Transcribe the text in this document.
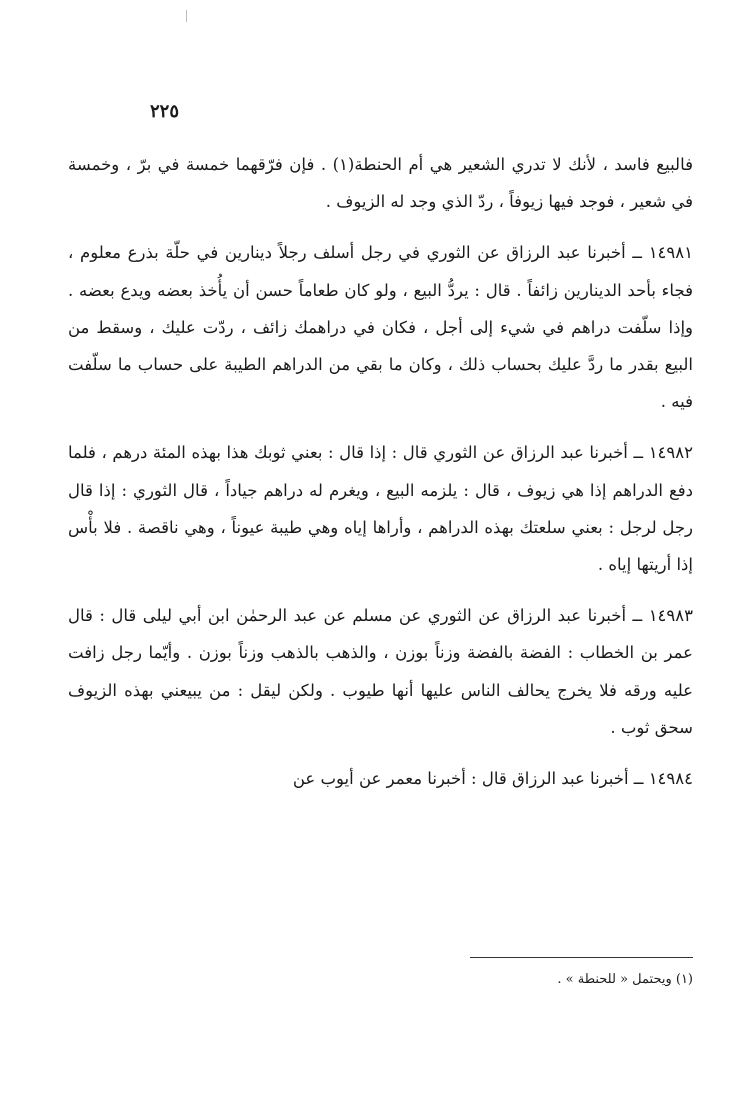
٢٢٥

فالبيع فاسد ، لأنك لا تدري الشعير هي أم الحنطة(١) . فإن فرّقهما خمسة في برّ ، وخمسة في شعير ، فوجد فيها زيوفاً ، ردّ الذي وجد له الزيوف .

١٤٩٨١ ــ أخبرنا عبد الرزاق عن الثوري في رجل أسلف رجلاً دينارين في حلّة بذرع معلوم ، فجاء بأحد الدينارين زائفاً . قال : يردُّ البيع ، ولو كان طعاماً حسن أن يأُخذ بعضه ويدع بعضه . وإذا سلّفت دراهم في شيء إلى أجل ، فكان في دراهمك زائف ، ردّت عليك ، وسقط من البيع بقدر ما ردَّ عليك بحساب ذلك ، وكان ما بقي من الدراهم الطيبة على حساب ما سلّفت فيه .

١٤٩٨٢ ــ أخبرنا عبد الرزاق عن الثوري قال : إذا قال : بعني ثوبك هذا بهذه المئة درهم ، فلما دفع الدراهم إذا هي زيوف ، قال : يلزمه البيع ، ويغرم له دراهم جياداً ، قال الثوري : إذا قال رجل لرجل : بعني سلعتك بهذه الدراهم ، وأراها إياه وهي طيبة عيوناً ، وهي ناقصة . فلا بأْس إذا أريتها إياه .

١٤٩٨٣ ــ أخبرنا عبد الرزاق عن الثوري عن مسلم عن عبد الرحمٰن ابن أبي ليلى قال : قال عمر بن الخطاب : الفضة بالفضة وزناً بوزن ، والذهب بالذهب وزناً بوزن . وأيّما رجل زافت عليه ورقه فلا يخرج يحالف الناس عليها أنها طيوب . ولكن ليقل : من يبيعني بهذه الزيوف سحق ثوب .

١٤٩٨٤ ــ أخبرنا عبد الرزاق قال : أخبرنا معمر عن أيوب عن

(١) ويحتمل « للحنطة » .
